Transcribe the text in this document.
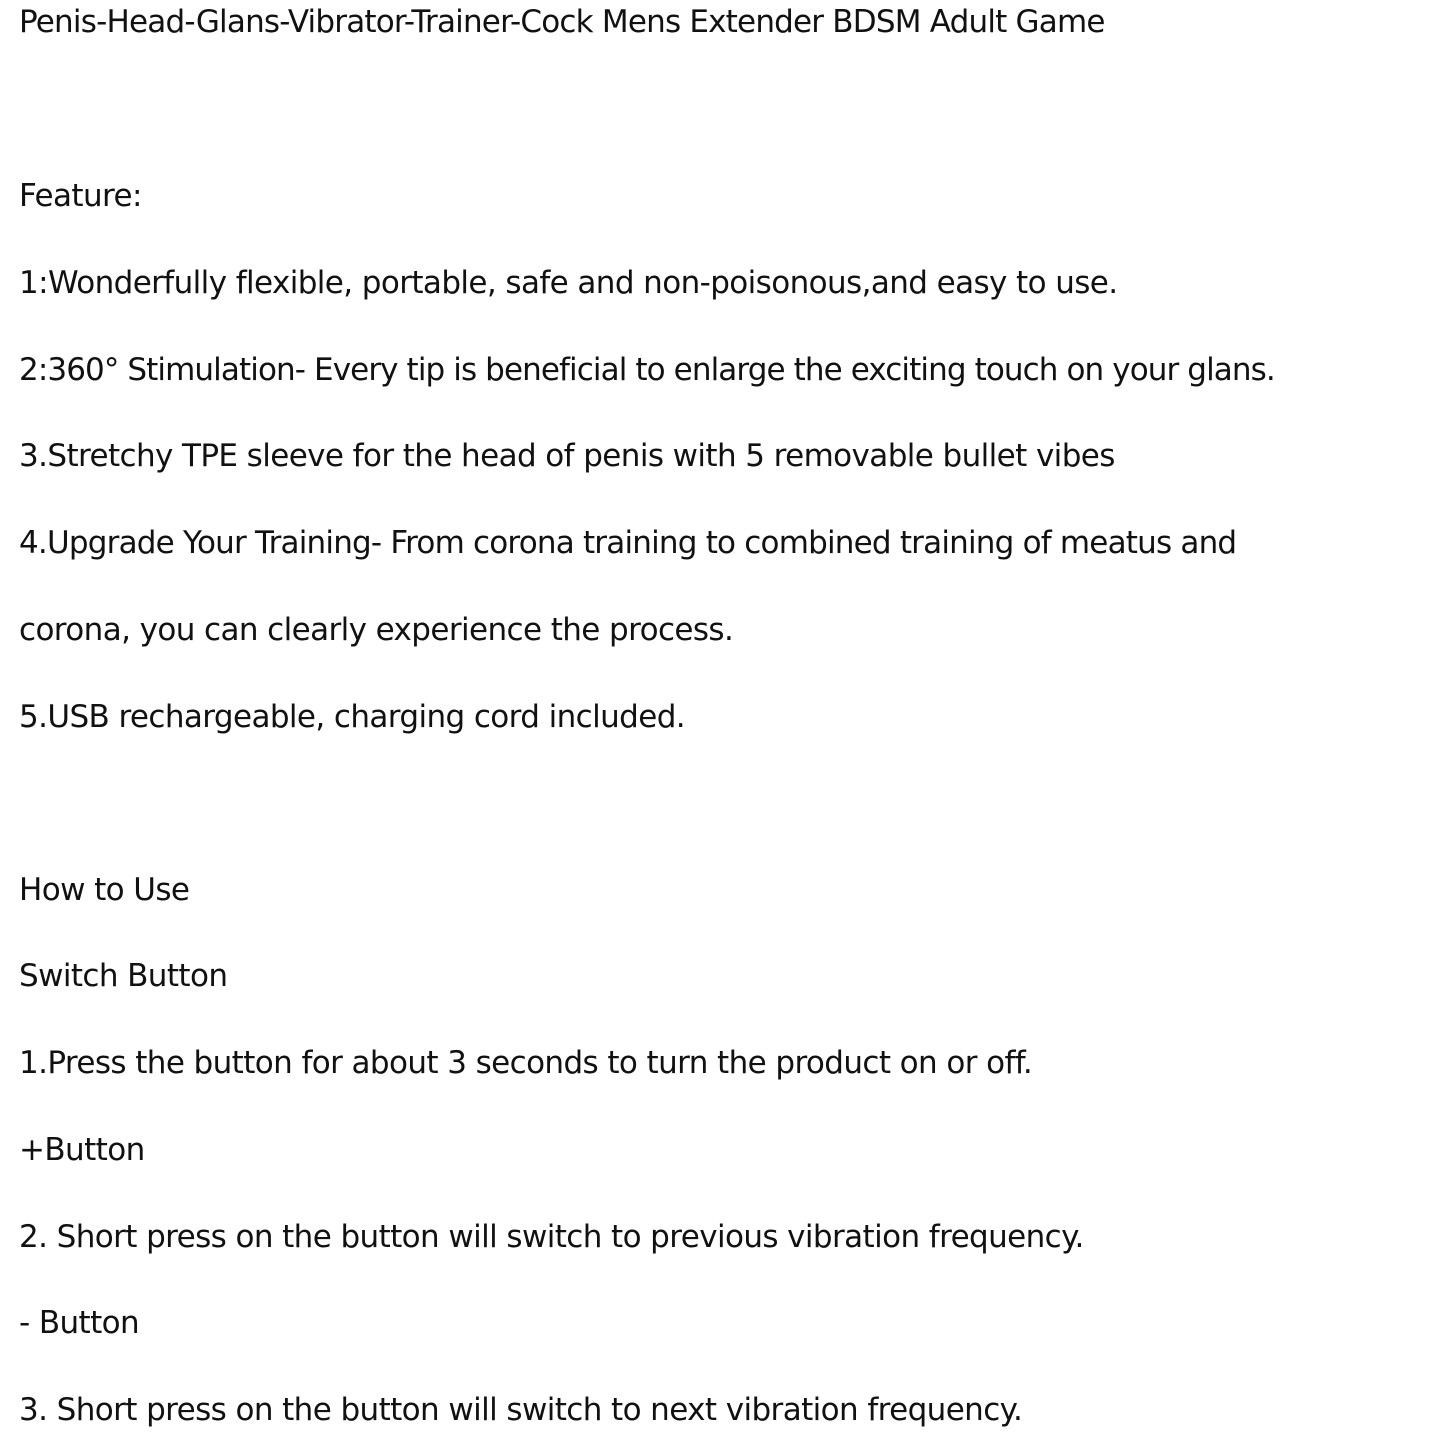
Penis-Head-Glans-Vibrator-Trainer-Cock Mens Extender BDSM Adult Game

Feature:

1:Wonderfully flexible, portable, safe and non-poisonous,and easy to use.

2:360° Stimulation- Every tip is beneficial to enlarge the exciting touch on your glans.

3.Stretchy TPE sleeve for the head of penis with 5 removable bullet vibes

4.Upgrade Your Training- From corona training to combined training of meatus and

corona, you can clearly experience the process.

5.USB rechargeable, charging cord included.

How to Use

Switch Button

1.Press the button for about 3 seconds to turn the product on or off.

+Button

2. Short press on the button will switch to previous vibration frequency.

- Button

3. Short press on the button will switch to next vibration frequency.
